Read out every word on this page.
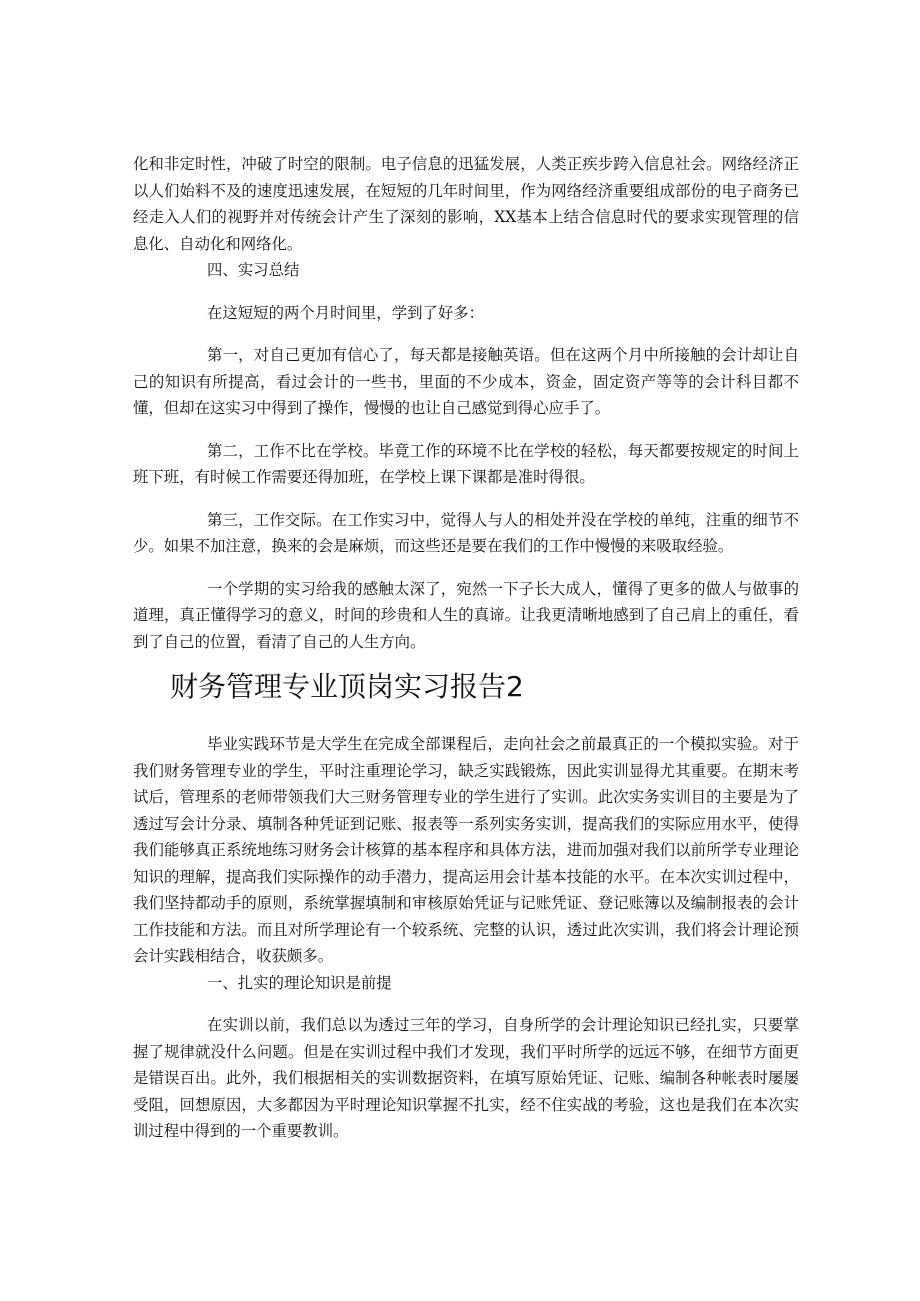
化和非定时性，冲破了时空的限制。电子信息的迅猛发展，人类正疾步跨入信息社会。网络经济正以人们始料不及的速度迅速发展，在短短的几年时间里，作为网络经济重要组成部份的电子商务已经走入人们的视野并对传统会计产生了深刻的影响，XX基本上结合信息时代的要求实现管理的信息化、自动化和网络化。

四、实习总结

在这短短的两个月时间里，学到了好多：

第一，对自己更加有信心了，每天都是接触英语。但在这两个月中所接触的会计却让自己的知识有所提高，看过会计的一些书，里面的不少成本，资金，固定资产等等的会计科目都不懂，但却在这实习中得到了操作，慢慢的也让自己感觉到得心应手了。

第二，工作不比在学校。毕竟工作的环境不比在学校的轻松，每天都要按规定的时间上班下班，有时候工作需要还得加班，在学校上课下课都是准时得很。

第三，工作交际。在工作实习中，觉得人与人的相处并没在学校的单纯，注重的细节不少。如果不加注意，换来的会是麻烦，而这些还是要在我们的工作中慢慢的来吸取经验。

一个学期的实习给我的感触太深了，宛然一下子长大成人，懂得了更多的做人与做事的道理，真正懂得学习的意义，时间的珍贵和人生的真谛。让我更清晰地感到了自己肩上的重任，看到了自己的位置，看清了自己的人生方向。

财务管理专业顶岗实习报告2

毕业实践环节是大学生在完成全部课程后，走向社会之前最真正的一个模拟实验。对于我们财务管理专业的学生，平时注重理论学习，缺乏实践锻炼，因此实训显得尤其重要。在期末考试后，管理系的老师带领我们大三财务管理专业的学生进行了实训。此次实务实训目的主要是为了透过写会计分录、填制各种凭证到记账、报表等一系列实务实训，提高我们的实际应用水平，使得我们能够真正系统地练习财务会计核算的基本程序和具体方法，进而加强对我们以前所学专业理论知识的理解，提高我们实际操作的动手潜力，提高运用会计基本技能的水平。在本次实训过程中，我们坚持都动手的原则，系统掌握填制和审核原始凭证与记账凭证、登记账簿以及编制报表的会计工作技能和方法。而且对所学理论有一个较系统、完整的认识，透过此次实训，我们将会计理论预会计实践相结合，收获颇多。

一、扎实的理论知识是前提

在实训以前，我们总以为透过三年的学习，自身所学的会计理论知识已经扎实，只要掌握了规律就没什么问题。但是在实训过程中我们才发现，我们平时所学的远远不够，在细节方面更是错误百出。此外，我们根据相关的实训数据资料，在填写原始凭证、记账、编制各种帐表时屡屡受阻，回想原因，大多都因为平时理论知识掌握不扎实，经不住实战的考验，这也是我们在本次实训过程中得到的一个重要教训。
